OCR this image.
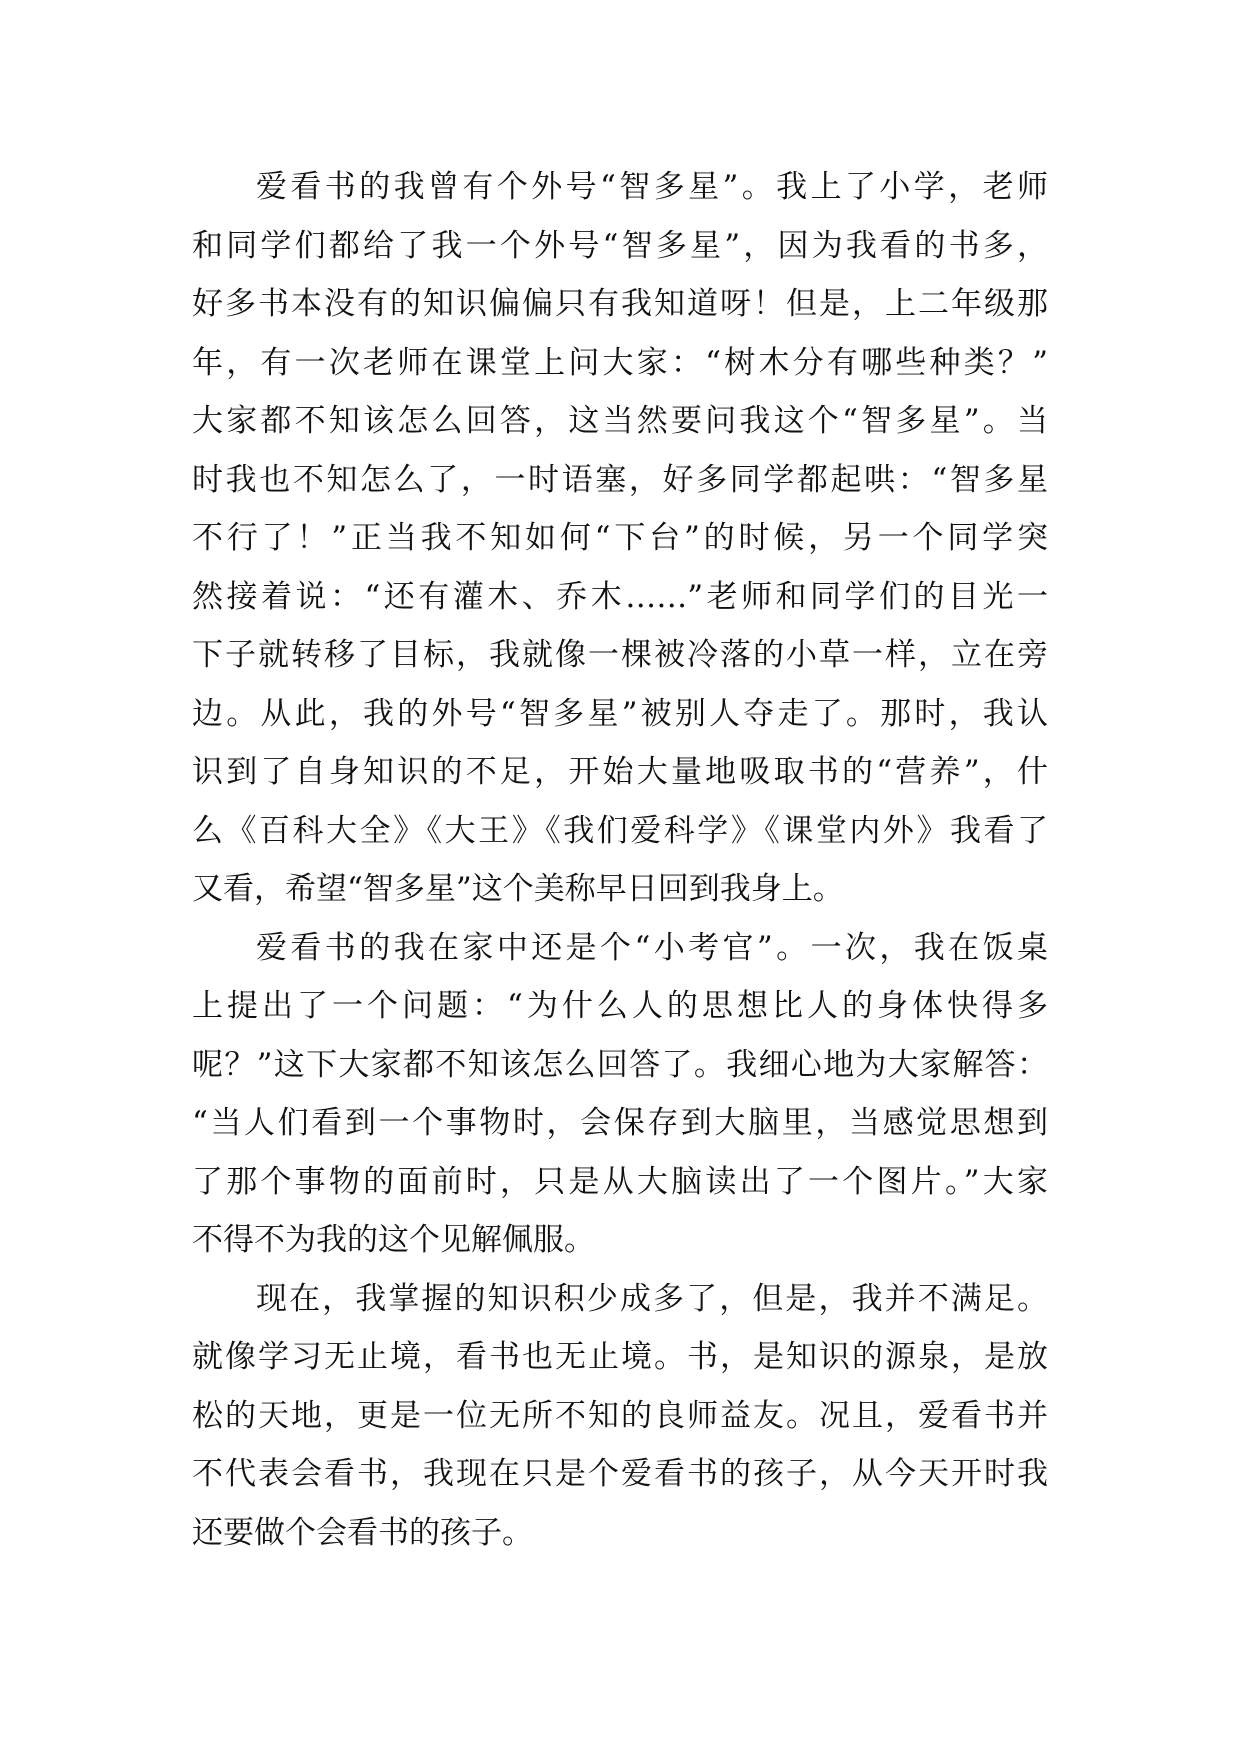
爱看书的我曾有个外号“智多星”。我上了小学，老师
和同学们都给了我一个外号“智多星”，因为我看的书多，
好多书本没有的知识偏偏只有我知道呀！但是，上二年级那
年，有一次老师在课堂上问大家：“树木分有哪些种类？”
大家都不知该怎么回答，这当然要问我这个“智多星”。当
时我也不知怎么了，一时语塞，好多同学都起哄：“智多星
不行了！”正当我不知如何“下台”的时候，另一个同学突
然接着说：“还有灌木、乔木……”老师和同学们的目光一
下子就转移了目标，我就像一棵被冷落的小草一样，立在旁
边。从此，我的外号“智多星”被别人夺走了。那时，我认
识到了自身知识的不足，开始大量地吸取书的“营养”，什
么《百科大全》《大王》《我们爱科学》《课堂内外》我看了
又看，希望“智多星”这个美称早日回到我身上。
爱看书的我在家中还是个“小考官”。一次，我在饭桌
上提出了一个问题：“为什么人的思想比人的身体快得多
呢？”这下大家都不知该怎么回答了。我细心地为大家解答：
“当人们看到一个事物时，会保存到大脑里，当感觉思想到
了那个事物的面前时，只是从大脑读出了一个图片。”大家
不得不为我的这个见解佩服。
现在，我掌握的知识积少成多了，但是，我并不满足。
就像学习无止境，看书也无止境。书，是知识的源泉，是放
松的天地，更是一位无所不知的良师益友。况且，爱看书并
不代表会看书，我现在只是个爱看书的孩子，从今天开时我
还要做个会看书的孩子。
